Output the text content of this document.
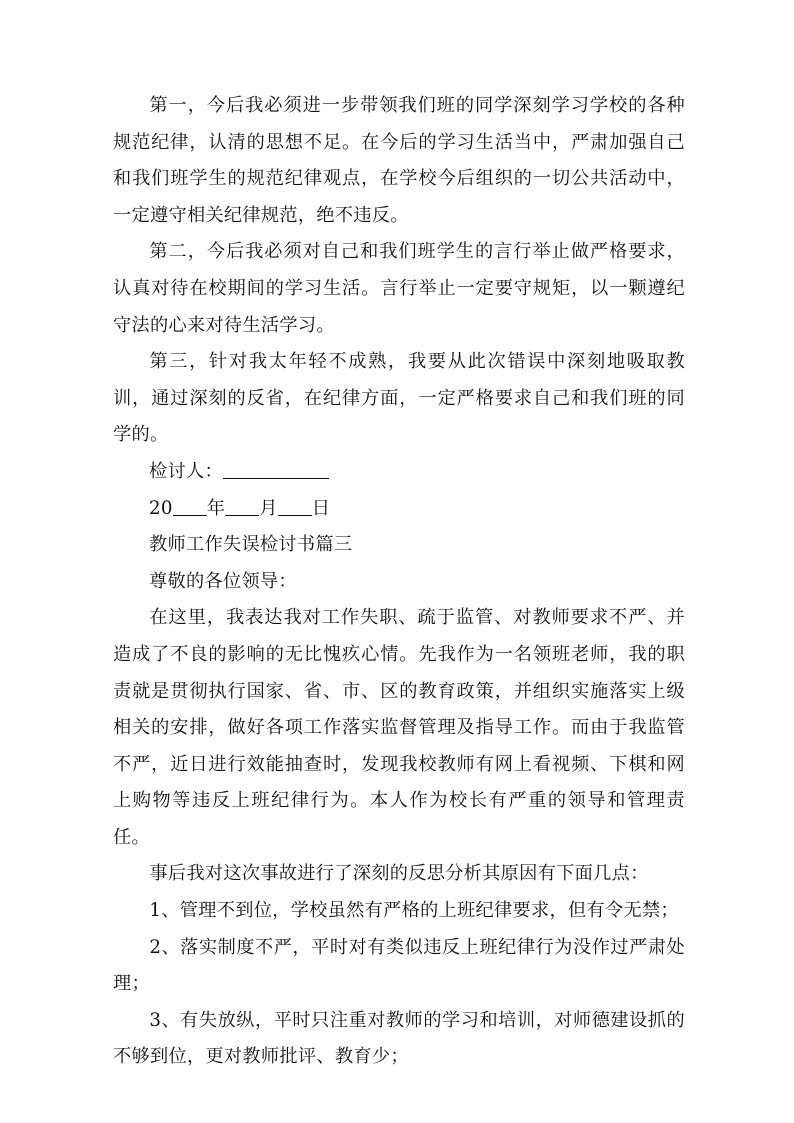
第一，今后我必须进一步带领我们班的同学深刻学习学校的各种规范纪律，认清的思想不足。在今后的学习生活当中，严肃加强自己和我们班学生的规范纪律观点，在学校今后组织的一切公共活动中，一定遵守相关纪律规范，绝不违反。

第二，今后我必须对自己和我们班学生的言行举止做严格要求，认真对待在校期间的学习生活。言行举止一定要守规矩，以一颗遵纪守法的心来对待生活学习。

第三，针对我太年轻不成熟，我要从此次错误中深刻地吸取教训，通过深刻的反省，在纪律方面，一定严格要求自己和我们班的同学的。

检讨人：

20 年 月 日

教师工作失误检讨书篇三

尊敬的各位领导：

在这里，我表达我对工作失职、疏于监管、对教师要求不严、并造成了不良的影响的无比愧疚心情。先我作为一名领班老师，我的职责就是贯彻执行国家、省、市、区的教育政策，并组织实施落实上级相关的安排，做好各项工作落实监督管理及指导工作。而由于我监管不严，近日进行效能抽查时，发现我校教师有网上看视频、下棋和网上购物等违反上班纪律行为。本人作为校长有严重的领导和管理责任。

事后我对这次事故进行了深刻的反思分析其原因有下面几点：

1、管理不到位，学校虽然有严格的上班纪律要求，但有令无禁；

2、落实制度不严，平时对有类似违反上班纪律行为没作过严肃处理；

3、有失放纵，平时只注重对教师的学习和培训，对师德建设抓的不够到位，更对教师批评、教育少；
